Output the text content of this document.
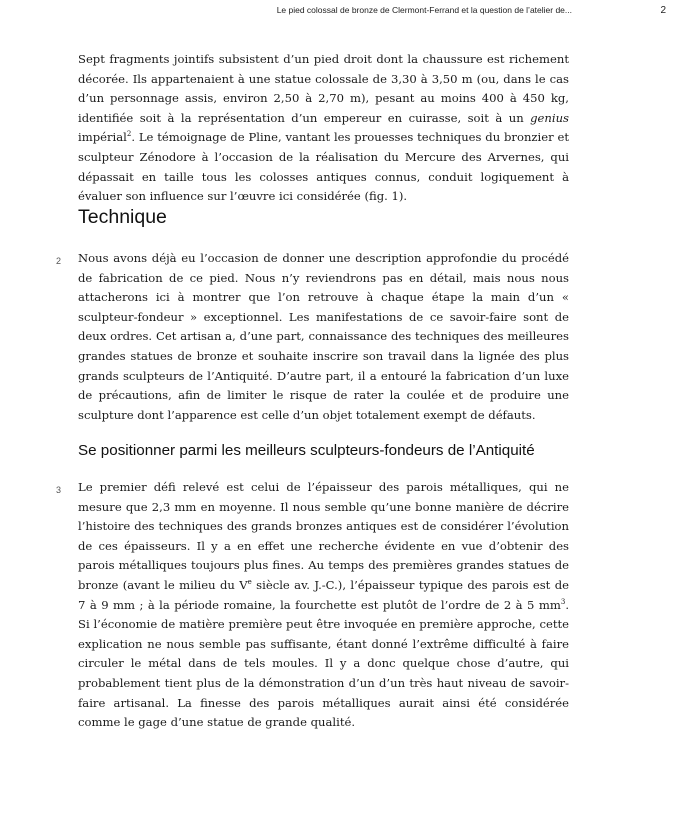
Le pied colossal de bronze de Clermont-Ferrand et la question de l’atelier de...	2

Sept fragments jointifs subsistent d’un pied droit dont la chaussure est richement décorée. Ils appartenaient à une statue colossale de 3,30 à 3,50 m (ou, dans le cas d’un personnage assis, environ 2,50 à 2,70 m), pesant au moins 400 à 450 kg, identifiée soit à la représentation d’un empereur en cuirasse, soit à un genius impérial$^2$. Le témoignage de Pline, vantant les prouesses techniques du bronzier et sculpteur Zénodore à l’occasion de la réalisation du Mercure des Arvernes, qui dépassait en taille tous les colosses antiques connus, conduit logiquement à évaluer son influence sur l’œuvre ici considérée (fig. 1).

Technique
2 Nous avons déjà eu l’occasion de donner une description approfondie du procédé de fabrication de ce pied. Nous n’y reviendrons pas en détail, mais nous nous attacherons ici à montrer que l’on retrouve à chaque étape la main d’un « sculpteur-fondeur » exceptionnel. Les manifestations de ce savoir-faire sont de deux ordres. Cet artisan a, d’une part, connaissance des techniques des meilleures grandes statues de bronze et souhaite inscrire son travail dans la lignée des plus grands sculpteurs de l’Antiquité. D’autre part, il a entouré la fabrication d’un luxe de précautions, afin de limiter le risque de rater la coulée et de produire une sculpture dont l’apparence est celle d’un objet totalement exempt de défauts.

Se positionner parmi les meilleurs sculpteurs-fondeurs de l’Antiquité
3 Le premier défi relevé est celui de l’épaisseur des parois métalliques, qui ne mesure que 2,3 mm en moyenne. Il nous semble qu’une bonne manière de décrire l’histoire des techniques des grands bronzes antiques est de considérer l’évolution de ces épaisseurs. Il y a en effet une recherche évidente en vue d’obtenir des parois métalliques toujours plus fines. Au temps des premières grandes statues de bronze (avant le milieu du Ve siècle av. J.-C.), l’épaisseur typique des parois est de 7 à 9 mm ; à la période romaine, la fourchette est plutôt de l’ordre de 2 à 5 $mm^3$. Si l’économie de matière première peut être invoquée en première approche, cette explication ne nous semble pas suffisante, étant donné l’extrême difficulté à faire circuler le métal dans de tels moules. Il y a donc quelque chose d’autre, qui probablement tient plus de la démonstration d’un d’un très haut niveau de savoir-faire artisanal. La finesse des parois métalliques aurait ainsi été considérée comme le gage d’une statue de grande qualité.
